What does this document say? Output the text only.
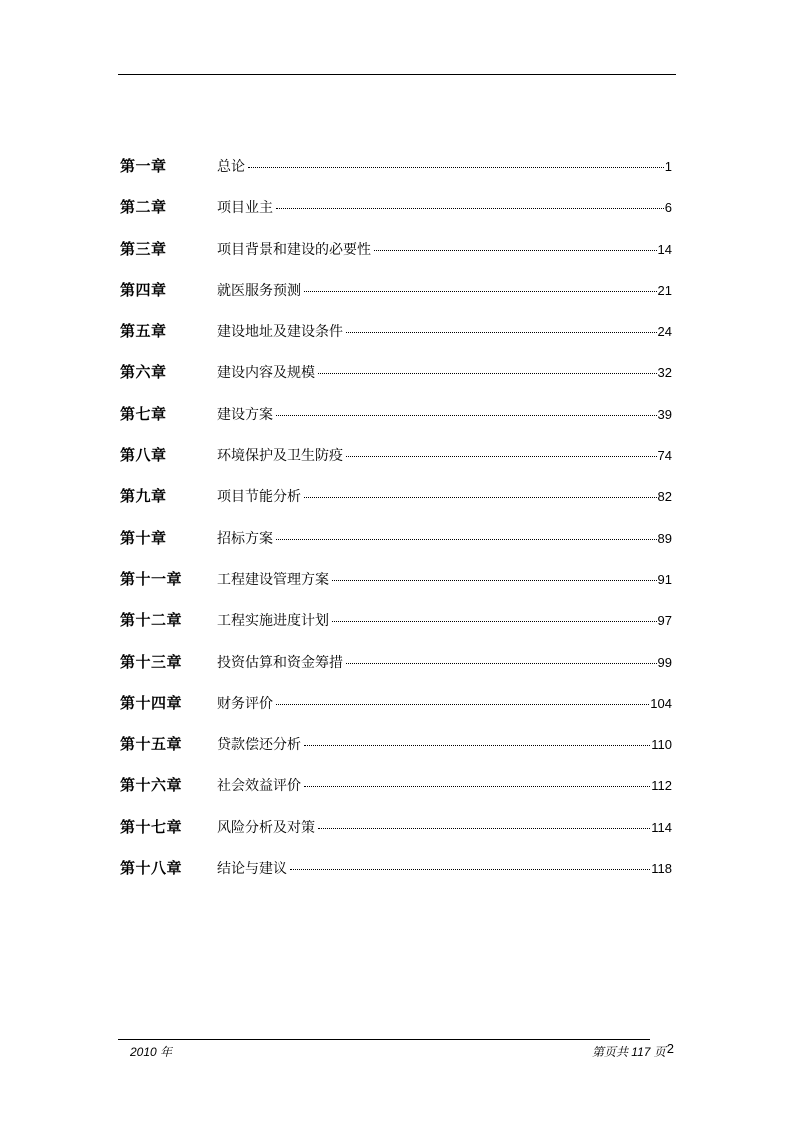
第一章	总论	1
第二章	项目业主	6
第三章	项目背景和建设的必要性	14
第四章	就医服务预测	21
第五章	建设地址及建设条件	24
第六章	建设内容及规模	32
第七章	建设方案	39
第八章	环境保护及卫生防疫	74
第九章	项目节能分析	82
第十章	招标方案	89
第十一章	工程建设管理方案	91
第十二章	工程实施进度计划	97
第十三章	投资估算和资金筹措	99
第十四章	财务评价	104
第十五章	贷款偿还分析	110
第十六章	社会效益评价	112
第十七章	风险分析及对策	114
第十八章	结论与建议	118
2010 年	第页共 117 页2
